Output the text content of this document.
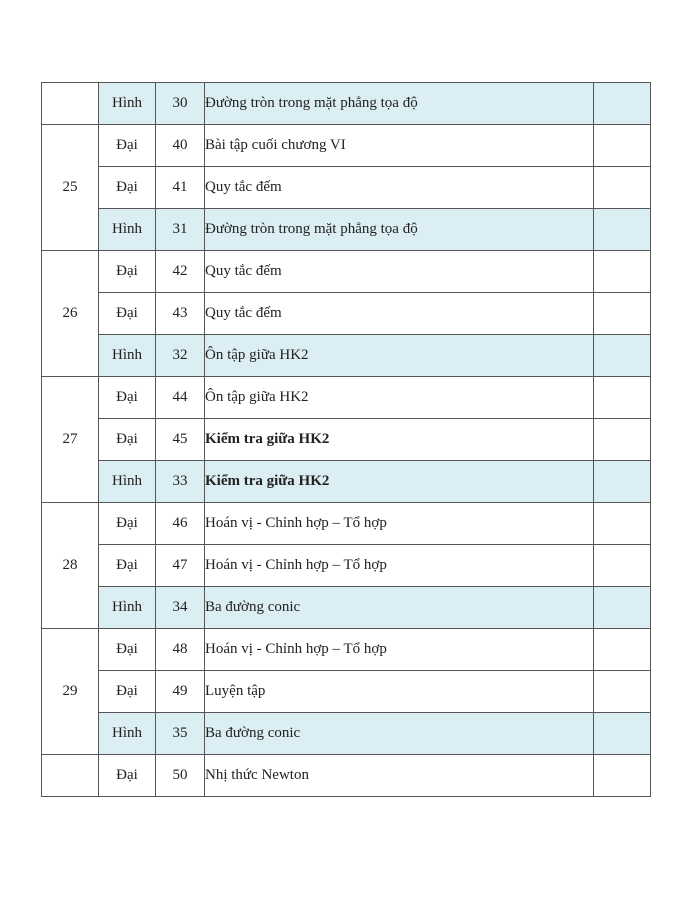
	Hình	30	Đường tròn trong mặt phẳng tọa độ	
25	Đại	40	Bài tập cuối chương VI	
	Đại	41	Quy tắc đếm	
	Hình	31	Đường tròn trong mặt phẳng tọa độ	
26	Đại	42	Quy tắc đếm	
	Đại	43	Quy tắc đếm	
	Hình	32	Ôn tập giữa HK2	
27	Đại	44	Ôn tập giữa HK2	
	Đại	45	Kiểm tra giữa HK2	
	Hình	33	Kiểm tra giữa HK2	
28	Đại	46	Hoán vị - Chỉnh hợp – Tổ hợp	
	Đại	47	Hoán vị - Chỉnh hợp – Tổ hợp	
	Hình	34	Ba đường conic	
29	Đại	48	Hoán vị - Chỉnh hợp – Tổ hợp	
	Đại	49	Luyện tập	
	Hình	35	Ba đường conic	
	Đại	50	Nhị thức Newton	
